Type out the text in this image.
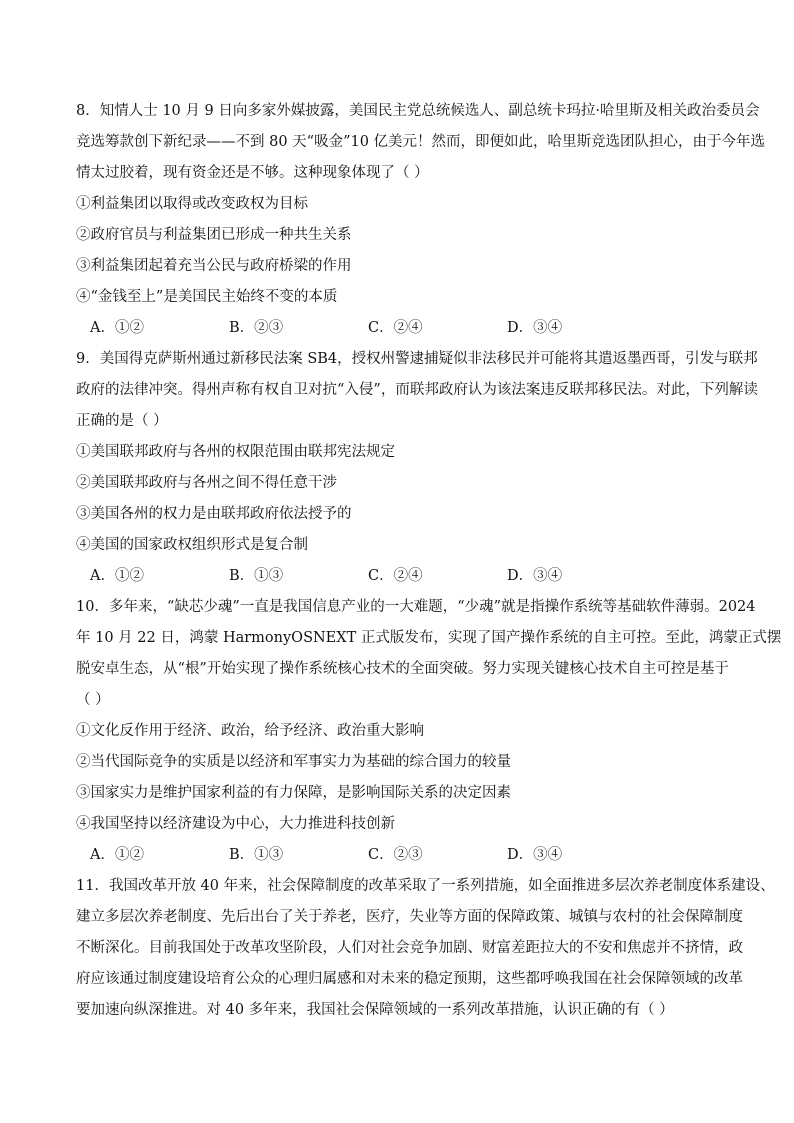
8．知情人士 10 月 9 日向多家外媒披露，美国民主党总统候选人、副总统卡玛拉·哈里斯及相关政治委员会
竞选筹款创下新纪录——不到 80 天“吸金”10 亿美元！然而，即便如此，哈里斯竞选团队担心，由于今年选
情太过胶着，现有资金还是不够。这种现象体现了（ ）
①利益集团以取得或改变政权为目标
②政府官员与利益集团已形成一种共生关系
③利益集团起着充当公民与政府桥梁的作用
④“金钱至上”是美国民主始终不变的本质
A．①②	B．②③	C．②④	D．③④
9．美国得克萨斯州通过新移民法案 SB4，授权州警逮捕疑似非法移民并可能将其遣返墨西哥，引发与联邦
政府的法律冲突。得州声称有权自卫对抗“入侵”，而联邦政府认为该法案违反联邦移民法。对此，下列解读
正确的是（ ）
①美国联邦政府与各州的权限范围由联邦宪法规定
②美国联邦政府与各州之间不得任意干涉
③美国各州的权力是由联邦政府依法授予的
④美国的国家政权组织形式是复合制
A．①②	B．①③	C．②④	D．③④
10．多年来，“缺芯少魂”一直是我国信息产业的一大难题，“少魂”就是指操作系统等基础软件薄弱。2024
年 10 月 22 日，鸿蒙 HarmonyOSNEXT 正式版发布，实现了国产操作系统的自主可控。至此，鸿蒙正式摆
脱安卓生态，从“根”开始实现了操作系统核心技术的全面突破。努力实现关键核心技术自主可控是基于
（ ）
①文化反作用于经济、政治，给予经济、政治重大影响
②当代国际竞争的实质是以经济和军事实力为基础的综合国力的较量
③国家实力是维护国家利益的有力保障，是影响国际关系的决定因素
④我国坚持以经济建设为中心，大力推进科技创新
A．①②	B．①③	C．②③	D．③④
11．我国改革开放 40 年来，社会保障制度的改革采取了一系列措施，如全面推进多层次养老制度体系建设、
建立多层次养老制度、先后出台了关于养老，医疗，失业等方面的保障政策、城镇与农村的社会保障制度
不断深化。目前我国处于改革攻坚阶段，人们对社会竞争加剧、财富差距拉大的不安和焦虑并不挤情，政
府应该通过制度建设培育公众的心理归属感和对未来的稳定预期，这些都呼唤我国在社会保障领域的改革
要加速向纵深推进。对 40 多年来，我国社会保障领域的一系列改革措施，认识正确的有（ ）
